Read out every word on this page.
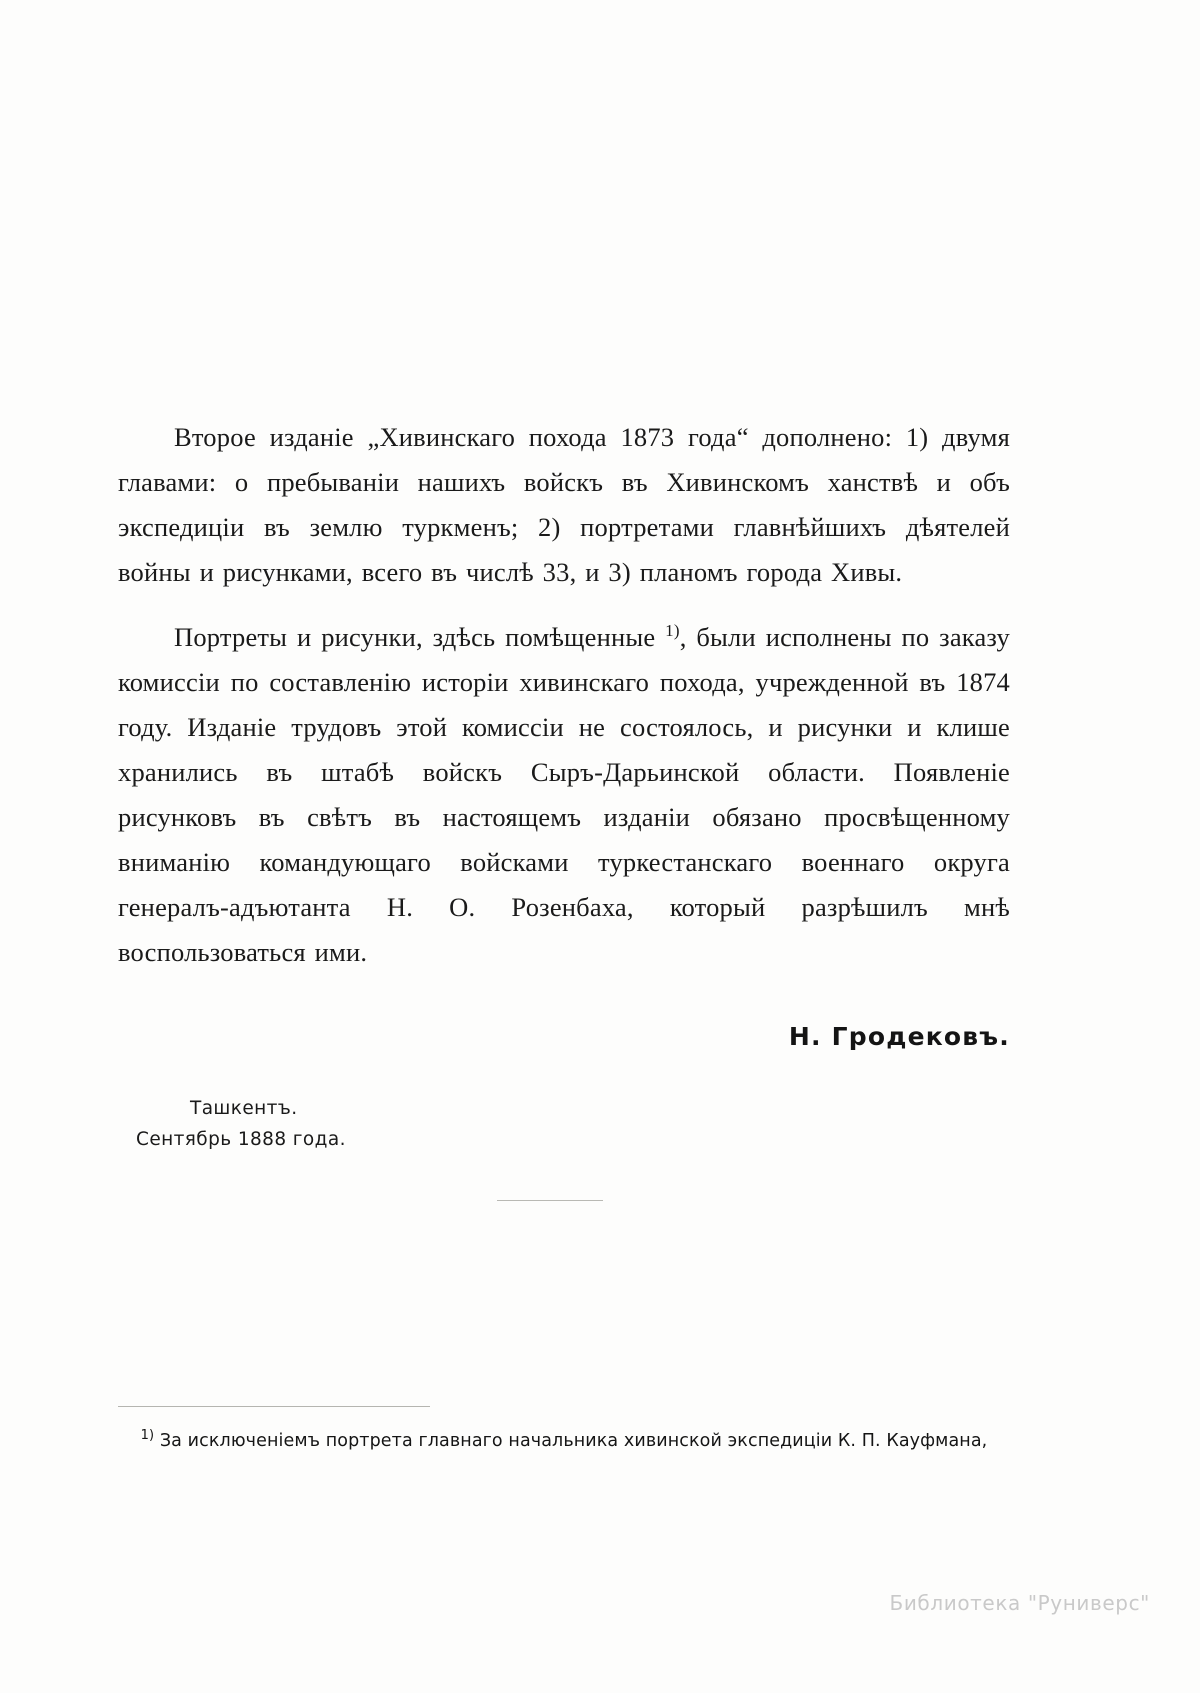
Второе изданіе „Хивинскаго похода 1873 года“ дополнено: 1) двумя главами: о пребываніи нашихъ войскъ въ Хивинскомъ ханствѣ и объ экспедиціи въ землю туркменъ; 2) портретами главнѣйшихъ дѣятелей войны и рисунками, всего въ числѣ 33, и 3) планомъ города Хивы.

Портреты и рисунки, здѣсь помѣщенные $^{1)}$, были исполнены по заказу комиссіи по составленію исторіи хивинскаго похода, учрежденной въ 1874 году. Изданіе трудовъ этой комиссіи не состоялось, и рисунки и клише хранились въ штабѣ войскъ Сыръ-Дарьинской области. Появленіе рисунковъ въ свѣтъ въ настоящемъ изданіи обязано просвѣщенному вниманію командующаго войсками туркестанскаго военнаго округа генералъ-адъютанта Н. О. Розенбаха, который разрѣшилъ мнѣ воспользоваться ими.

Н. Гродековъ.
Ташкентъ.
Сентябрь 1888 года.
$^{1)}$ За исключеніемъ портрета главнаго начальника хивинской экспедиціи К. П. Кауфмана,
Библиотека "Руниверс"
